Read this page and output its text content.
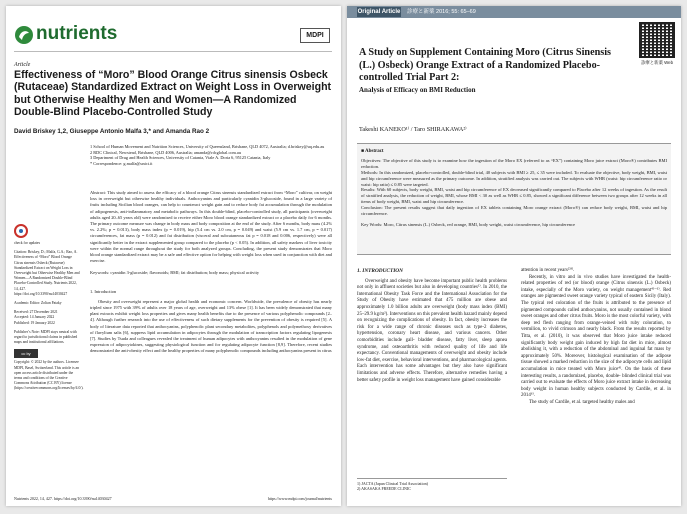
nutrients	MDPI
Article
Effectiveness of “Moro” Blood Orange Citrus sinensis Osbeck (Rutaceae) Standardized Extract on Weight Loss in Overweight but Otherwise Healthy Men and Women—A Randomized Double-Blind Placebo-Controlled Study
David Briskey 1,2, Giuseppe Antonio Malfa 3,* and Amanda Rao 2
1 School of Human Movement and Nutrition Sciences, University of Queensland, Brisbane, QLD 4072, Australia; d.briskey@uq.edu.au
2 RDC Clinical, Newstead, Brisbane, QLD 4006, Australia; amanda@rdcglobal.com.au
3 Department of Drug and Health Sciences, University of Catania, Viale A. Doria 6, 95125 Catania, Italy
* Correspondence: g.malfa@unict.it
check for updates
Citation: Briskey, D.; Malfa, G.A.; Rao, A. Effectiveness of “Moro” Blood Orange Citrus sinensis Osbeck (Rutaceae) Standardized Extract on Weight Loss in Overweight but Otherwise Healthy Men and Women—A Randomized Double-Blind Placebo-Controlled Study. Nutrients 2022, 14, 427. https://doi.org/10.3390/nu14030427
Academic Editor: Zoltan Pataky
Received: 27 December 2021
Accepted: 14 January 2022
Published: 19 January 2022
Publisher’s Note: MDPI stays neutral with regard to jurisdictional claims in published maps and institutional affiliations.
cc by
Copyright: © 2022 by the authors. Licensee MDPI, Basel, Switzerland. This article is an open access article distributed under the terms and conditions of the Creative Commons Attribution (CC BY) license (https://creativecommons.org/licenses/by/4.0/).

Abstract: This study aimed to assess the efficacy of a blood orange Citrus sinensis standardized extract from “Moro” cultivar, on weight loss in overweight but otherwise healthy individuals. Anthocyanins and particularly cyanidin 3-glucoside, found in a large variety of fruits including Sicilian blood oranges, can help to counteract weight gain and to reduce body fat accumulation through the modulation of adipogenesis, anti-inflammatory and metabolic pathways. In this double-blind, placebo-controlled study, all participants (overweight adults aged 20–65 years old) were randomised to receive either Moro blood orange standardized extract or a placebo daily for 6 months. The primary outcome measure was change in body mass and body composition at the end of the study. After 6 months, body mass (4.2% vs. 2.2%; p = 0.013), body mass index (p = 0.019), hip (5.4 cm vs. 2.0 cm, p = 0.049) and waist (5.9 cm vs. 1.7 cm, p = 0.017) circumferences, fat mass (p = 0.012) and fat distribution (visceral and subcutaneous fat p = 0.018 and 0.006, respectively) were all significantly better in the extract supplemented group compared to the placebo (p < 0.05). In addition, all safety markers of liver toxicity were within the normal range throughout the study for both analyzed groups. Concluding, the present study demonstrates that Moro blood orange standardized extract may be a safe and effective option for helping with weight loss when used in conjunction with diet and exercise.

Keywords: cyanidin 3-glucoside; flavonoids; BMI; fat distribution; body mass; physical activity

1. Introduction

Obesity and overweight represent a major global health and economic concern. Worldwide, the prevalence of obesity has nearly tripled since 1975 with 39% of adults over 18 years of age, overweight and 13% obese [1]. It has been widely demonstrated that many plant extracts exhibit weight loss properties and gives many health benefits due to the presence of various polyphenolic compounds [2–4]. Although further research into the use of effectiveness of such dietary supplements for the prevention of obesity is required [5]. A body of literature data reported that anthocyanins, polyphenolic plant secondary metabolites, polyphenols and polymethoxy derivatives of flavylium salts [6], suppress lipid accumulation in adipocytes through the modulation of transcription factors regulating lipogenesis [7]. Studies by Tsuda and colleagues revealed the treatment of human adipocytes with anthocyanins resulted in the modulation of gene expression of adipocytokines, suggesting physiological function and for regulating adipocyte function [8,9]. Therefore, recent studies demonstrated the anti-obesity effect and the healthy properties of many polyphenolic compounds including anthocyanins present in citrus

Nutrients 2022, 14, 427. https://doi.org/10.3390/nu14030427	https://www.mdpi.com/journal/nutrients
Original Article 診療と新薬 2016; 55: 65–69
診療と新薬 Web
A Study on Supplement Containing Moro (Citrus Sinensis (L.) Osbeck) Orange Extract of a Randomized Placebo-controlled Trial Part 2:
Analysis of Efficacy on BMI Reduction
Takeshi KANEKO¹⁾ / Taro SHIRAKAWA²⁾
■ Abstract

Objectives: The objective of this study is to examine how the ingestion of the Moro EX (referred to as “EX”) containing Moro juice extract (Moro®) contributes BMI reduction.

Methods: In this randomized, placebo-controlled, double-blind trial, 40 subjects with BMI ≥ 25, ≤ 35 were included. To evaluate the objective, body weight, BMI, waist and hip circumference were measured as the primary outcome. In addition, stratified analysis was carried out. The subjects with WHR (waist: hip circumference ratio or waist: hip ratio) ≤ 0.85 were targeted.

Results: With 60 subjects, body weight, BMI, waist and hip circumference of EX decreased significantly compared to Placebo after 12 weeks of ingestion. As the result of stratified analysis, the reduction of weight, BMI, whose BMI < 30 as well as WHR ≤ 0.85, showed a significant difference between two groups after 12 weeks in all items of body weight, BMI, waist and hip circumference.

Conclusion: The present results suggest that daily ingestion of EX tablets containing Moro orange extract (Moro®) can reduce body weight, BMI, waist and hip circumference.

Key Words: Moro, Citrus sinensis (L.) Osbeck, red orange, BMI, body weight, waist circumference, hip circumference

1. INTRODUCTION

Overweight and obesity have become important public health problems not only in affluent societies but also in developing countries¹⁾. In 2010, the International Obesity Task Force and the International Association for the Study of Obesity have estimated that 475 million are obese and approximately 1.0 billion adults are overweight (body mass index (BMI) 25–29.9 kg/m²). Interventions on this prevalent health hazard mainly depend on recognizing the complications of obesity. In fact, obesity increases the risk for a wide range of chronic diseases such as type-2 diabetes, hypertension, coronary heart disease, and various cancers. Other comorbidities include gall- bladder disease, fatty liver, sleep apnea syndrome, and osteoarthritis with reduced quality of life and life expectancy. Conventional managements of overweight and obesity include low-fat diet, exercise, behavioral interventions, and pharmacological agents. Each intervention has some advantages but they also have significant limitations and adverse effects. Therefore, alternative remedies having a better safety profile in weight loss management have gained considerable

attention in recent years²⁾³⁾.

Recently, in vitro and in vivo studies have investigated the health-related properties of red (or blood) orange (Citrus sinensis (L.) Osbeck) intake, especially of the Moro variety, on weight management⁴⁾⁻⁶⁾. Red oranges are pigmented sweet orange variety typical of eastern Sicily (Italy). The typical red coloration of the fruits is attributed to the presence of pigmented compounds called anthocyanins, not usually contained in blond sweet oranges and other citrus fruits. Moro is the most colorful variety, with deep red flesh ranging from orange-veined with ruby coloration, to vermilion, to vivid crimson and nearly black. From the results reported by Titta, et al. (2010), it was observed that Moro juice intake reduced significantly body weight gain induced by high fat diet in mice, almost abolishing it, with a reduction of the abdominal and inguinal fat mass by approximately 50%. Moreover, histological examination of the adipose tissue showed a marked reduction in the size of the adipocyte cells and lipid accumulation in mice treated with Moro juice⁴⁾. On the basis of these interesting results, a randomized, placebo, double- blinded clinical trial was carried out to evaluate the effects of Moro juice extract intake in decreasing body weight in human healthy subjects conducted by Cardile, et al. in 2014⁶⁾.

The study of Cardile, et al. targeted healthy males and

1) JACTA (Japan Clinical Trial Association)
2) AKASAKA FREEDE CLINIC
